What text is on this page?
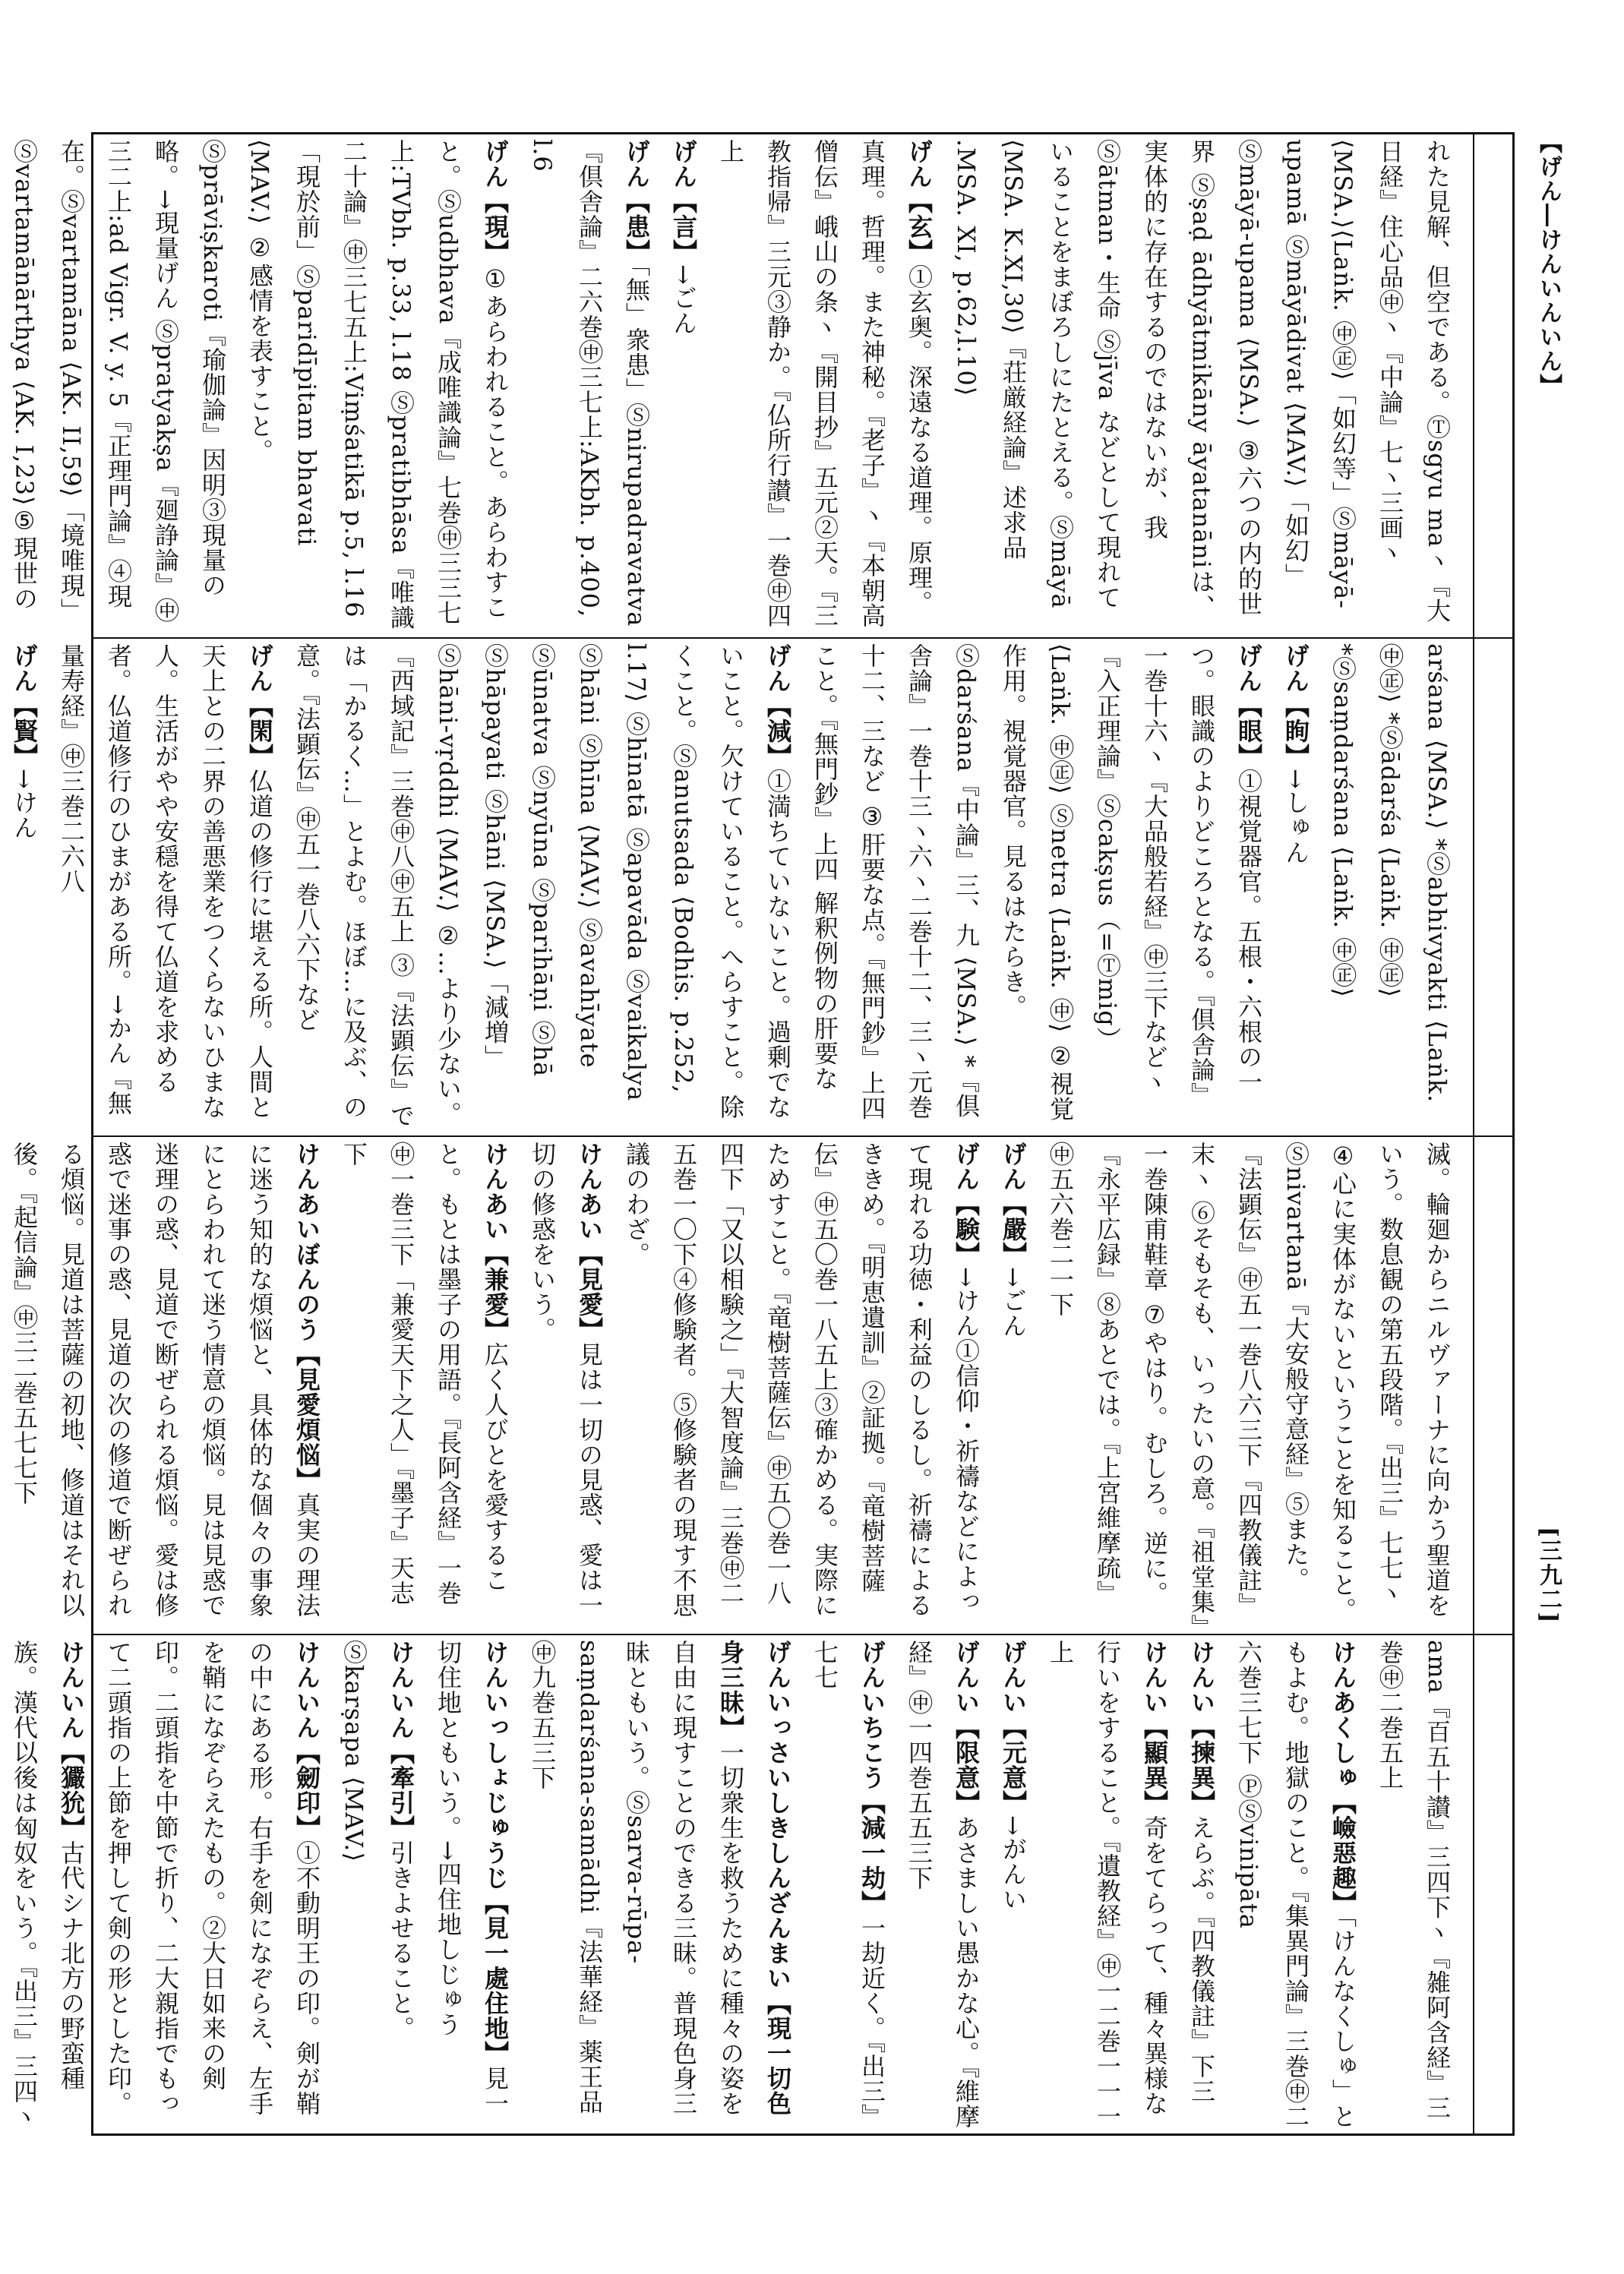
【げん―けんいんいん】
[三九二]

れた見解、但空である。Ⓣsgyu maヽ『大日経』住心品㊥ヽ『中論』七ヽ三画ヽ⟨MSA.⟩⟨Laṅk. ㊥㊣⟩「如幻等」Ⓢmāyā-upamā Ⓢmāyādivat ⟨MAV.⟩「如幻」Ⓢmāyā-upama ⟨MSA.⟩ ③六つの内的世界 Ⓢṣaḍ ādhyātmikāny āyatanāniは、実体的に存在するのではないが、我 Ⓢātman・生命 Ⓢjīva などとして現れていることをまぼろしにたとえる。Ⓢmāyā ⟨MSA. K.XI,30⟩『荘厳経論』述求品 .MSA. XI, p.62,l.10⟩

げん【玄】①玄奥。深遠なる道理。原理。真理。哲理。また神秘。『老子』ヽ『本朝高僧伝』峨山の条ヽ『開目抄』五元②天。『三教指帰』三元③静か。『仏所行讃』一巻㊥四上

げん【言】→ごん

げん【患】「無」衆患」Ⓢnirupadravatva 『倶舎論』二六巻㊥三七上:AKbh. p.400, l.6

げん【現】①あらわれること。あらわすこと。Ⓢudbhava『成唯識論』七巻㊥三三七上:TVbh. p.33, l.18 Ⓢpratibhāsa『唯識二十論』㊥三七五上:Viṃśatikā p.5, l.16「現於前」Ⓢparidīpitam bhavati ⟨MAV.⟩ ②感情を表すこと。Ⓢprāviṣkaroti『瑜伽論』因明③現量の略。→現量げん Ⓢpratyakṣa『廻諍論』㊥三二上:ad Vigr. V. y. 5『正理門論』④現在。Ⓢvartamāna ⟨AK. II,59⟩「境唯現」Ⓢvartamānārthya ⟨AK. I,23⟩⑤現世の

arśana ⟨MSA.⟩ *Ⓢabhivyakti ⟨Laṅk. ㊥㊣⟩ *Ⓢādarśa ⟨Laṅk. ㊥㊣⟩ *Ⓢsaṃdarśana ⟨Laṅk. ㊥㊣⟩

げん【眴】→しゅん

げん【眼】①視覚器官。五根・六根の一つ。眼識のよりどころとなる。『倶舎論』一巻十六ヽ『大品般若経』㊥三下などヽ『入正理論』Ⓢcakṣus（=Ⓣmig）⟨Laṅk. ㊥㊣⟩ Ⓢnetra ⟨Laṅk. ㊥⟩ ②視覚作用。視覚器官。見るはたらき。Ⓢdarśana『中論』三、九 ⟨MSA.⟩ *『倶舎論』一巻十三ヽ六ヽ二巻十二、三ヽ元巻十二、三など ③肝要な点。『無門鈔』上四

こと。『無門鈔』上四 解釈例物の肝要な

げん【減】①満ちていないこと。過剰でないこと。欠けていること。へらすこと。除くこと。Ⓢanutsada ⟨Bodhis. p.252, l.17⟩ Ⓢhīnatā Ⓢapavāda Ⓢvaikalya Ⓢhāni Ⓢhīna ⟨MAV.⟩ Ⓢavahīyate Ⓢūnatva Ⓢnyūna Ⓢparihāṇi Ⓢhā Ⓢhāpayati Ⓢhāni ⟨MSA.⟩「減増」Ⓢhāni-vṛddhi ⟨MAV.⟩ ②…より少ない。『西域記』三巻㊥八㊥五上 ③『法顕伝』では「かるく…」とよむ。ほぼ…に及ぶ、の意。『法顕伝』㊥五一巻八六下など

げん【閑】仏道の修行に堪える所。人間と天上との二界の善悪業をつくらないひまな人。生活がやや安穏を得て仏道を求める者。仏道修行のひまがある所。→かん『無量寿経』㊥三巻二六八

げん【賢】→けん

滅。輪廻からニルヴァーナに向かう聖道をいう。数息観の第五段階。『出三』七七ヽ ④心に実体がないということを知ること。Ⓢnivartanā『大安般守意経』⑤また。『法顕伝』㊥五一巻八六三下『四教儀註』末ヽ ⑥そもそも、いったいの意。『祖堂集』一巻陳甫鞋章 ⑦やはり。むしろ。逆に。『永平広録』⑧あとでは。『上宮維摩疏』㊥五六巻二一下

げん【嚴】→ごん

げん【験】→けん①信仰・祈禱などによって現れる功徳・利益のしるし。祈禱によるききめ。『明恵遺訓』②証拠。『竜樹菩薩伝』㊥五〇巻一八五上③確かめる。実際にためすこと。『竜樹菩薩伝』㊥五〇巻一八四下「又以相験之」『大智度論』三巻㊥二五巻一〇下④修験者。⑤修験者の現す不思議のわざ。

けんあい【見愛】見は一切の見惑、愛は一切の修惑をいう。

けんあい【兼愛】広く人びとを愛すること。もとは墨子の用語。『長阿含経』一巻㊥一巻三下「兼愛天下之人」『墨子』天志下

けんあいぼんのう【見愛煩悩】真実の理法に迷う知的な煩悩と、具体的な個々の事象にとらわれて迷う情意の煩悩。見は見惑で迷理の惑、見道で断ぜられる煩悩。愛は修惑で迷事の惑、見道の次の修道で断ぜられる煩悩。見道は菩薩の初地、修道はそれ以後。『起信論』㊥三二巻五七七下

ama『百五十讃』三四下ヽ『雑阿含経』三巻㊥二巻五上

けんあくしゅ【嶮惡趣】「けんなくしゅ」ともよむ。地獄のこと。『集異門論』三巻㊥二六巻三七下 ⓅⓈvinipāta

けんい【揀異】えらぶ。『四教儀註』下三

けんい【顯異】奇をてらって、種々異様な行いをすること。『遺教経』㊥一二巻一一一上

げんい【元意】→がんい

げんい【限意】あさましい愚かな心。『維摩経』㊥一四巻五五三下

げんいちこう【減一劫】一劫近く。『出三』七七

げんいっさいしきしんざんまい【現一切色身三昧】一切衆生を救うために種々の姿を自由に現すことのできる三昧。普現色身三昧ともいう。Ⓢsarva-rūpa-saṃdarśana-samādhi『法華経』薬王品㊥九巻五三下

けんいっしょじゅうじ【見一處住地】見一切住地ともいう。→四住地しじゅう

けんいん【牽引】引きよせること。Ⓢkarṣapa ⟨MAV.⟩

けんいん【劒印】①不動明王の印。剣が鞘の中にある形。右手を剣になぞらえ、左手を鞘になぞらえたもの。②大日如来の剣印。二頭指を中節で折り、二大親指でもって二頭指の上節を押して剣の形とした印。

けんいん【玁狁】古代シナ北方の野蛮種族。漢代以後は匈奴をいう。『出三』三四ヽ
